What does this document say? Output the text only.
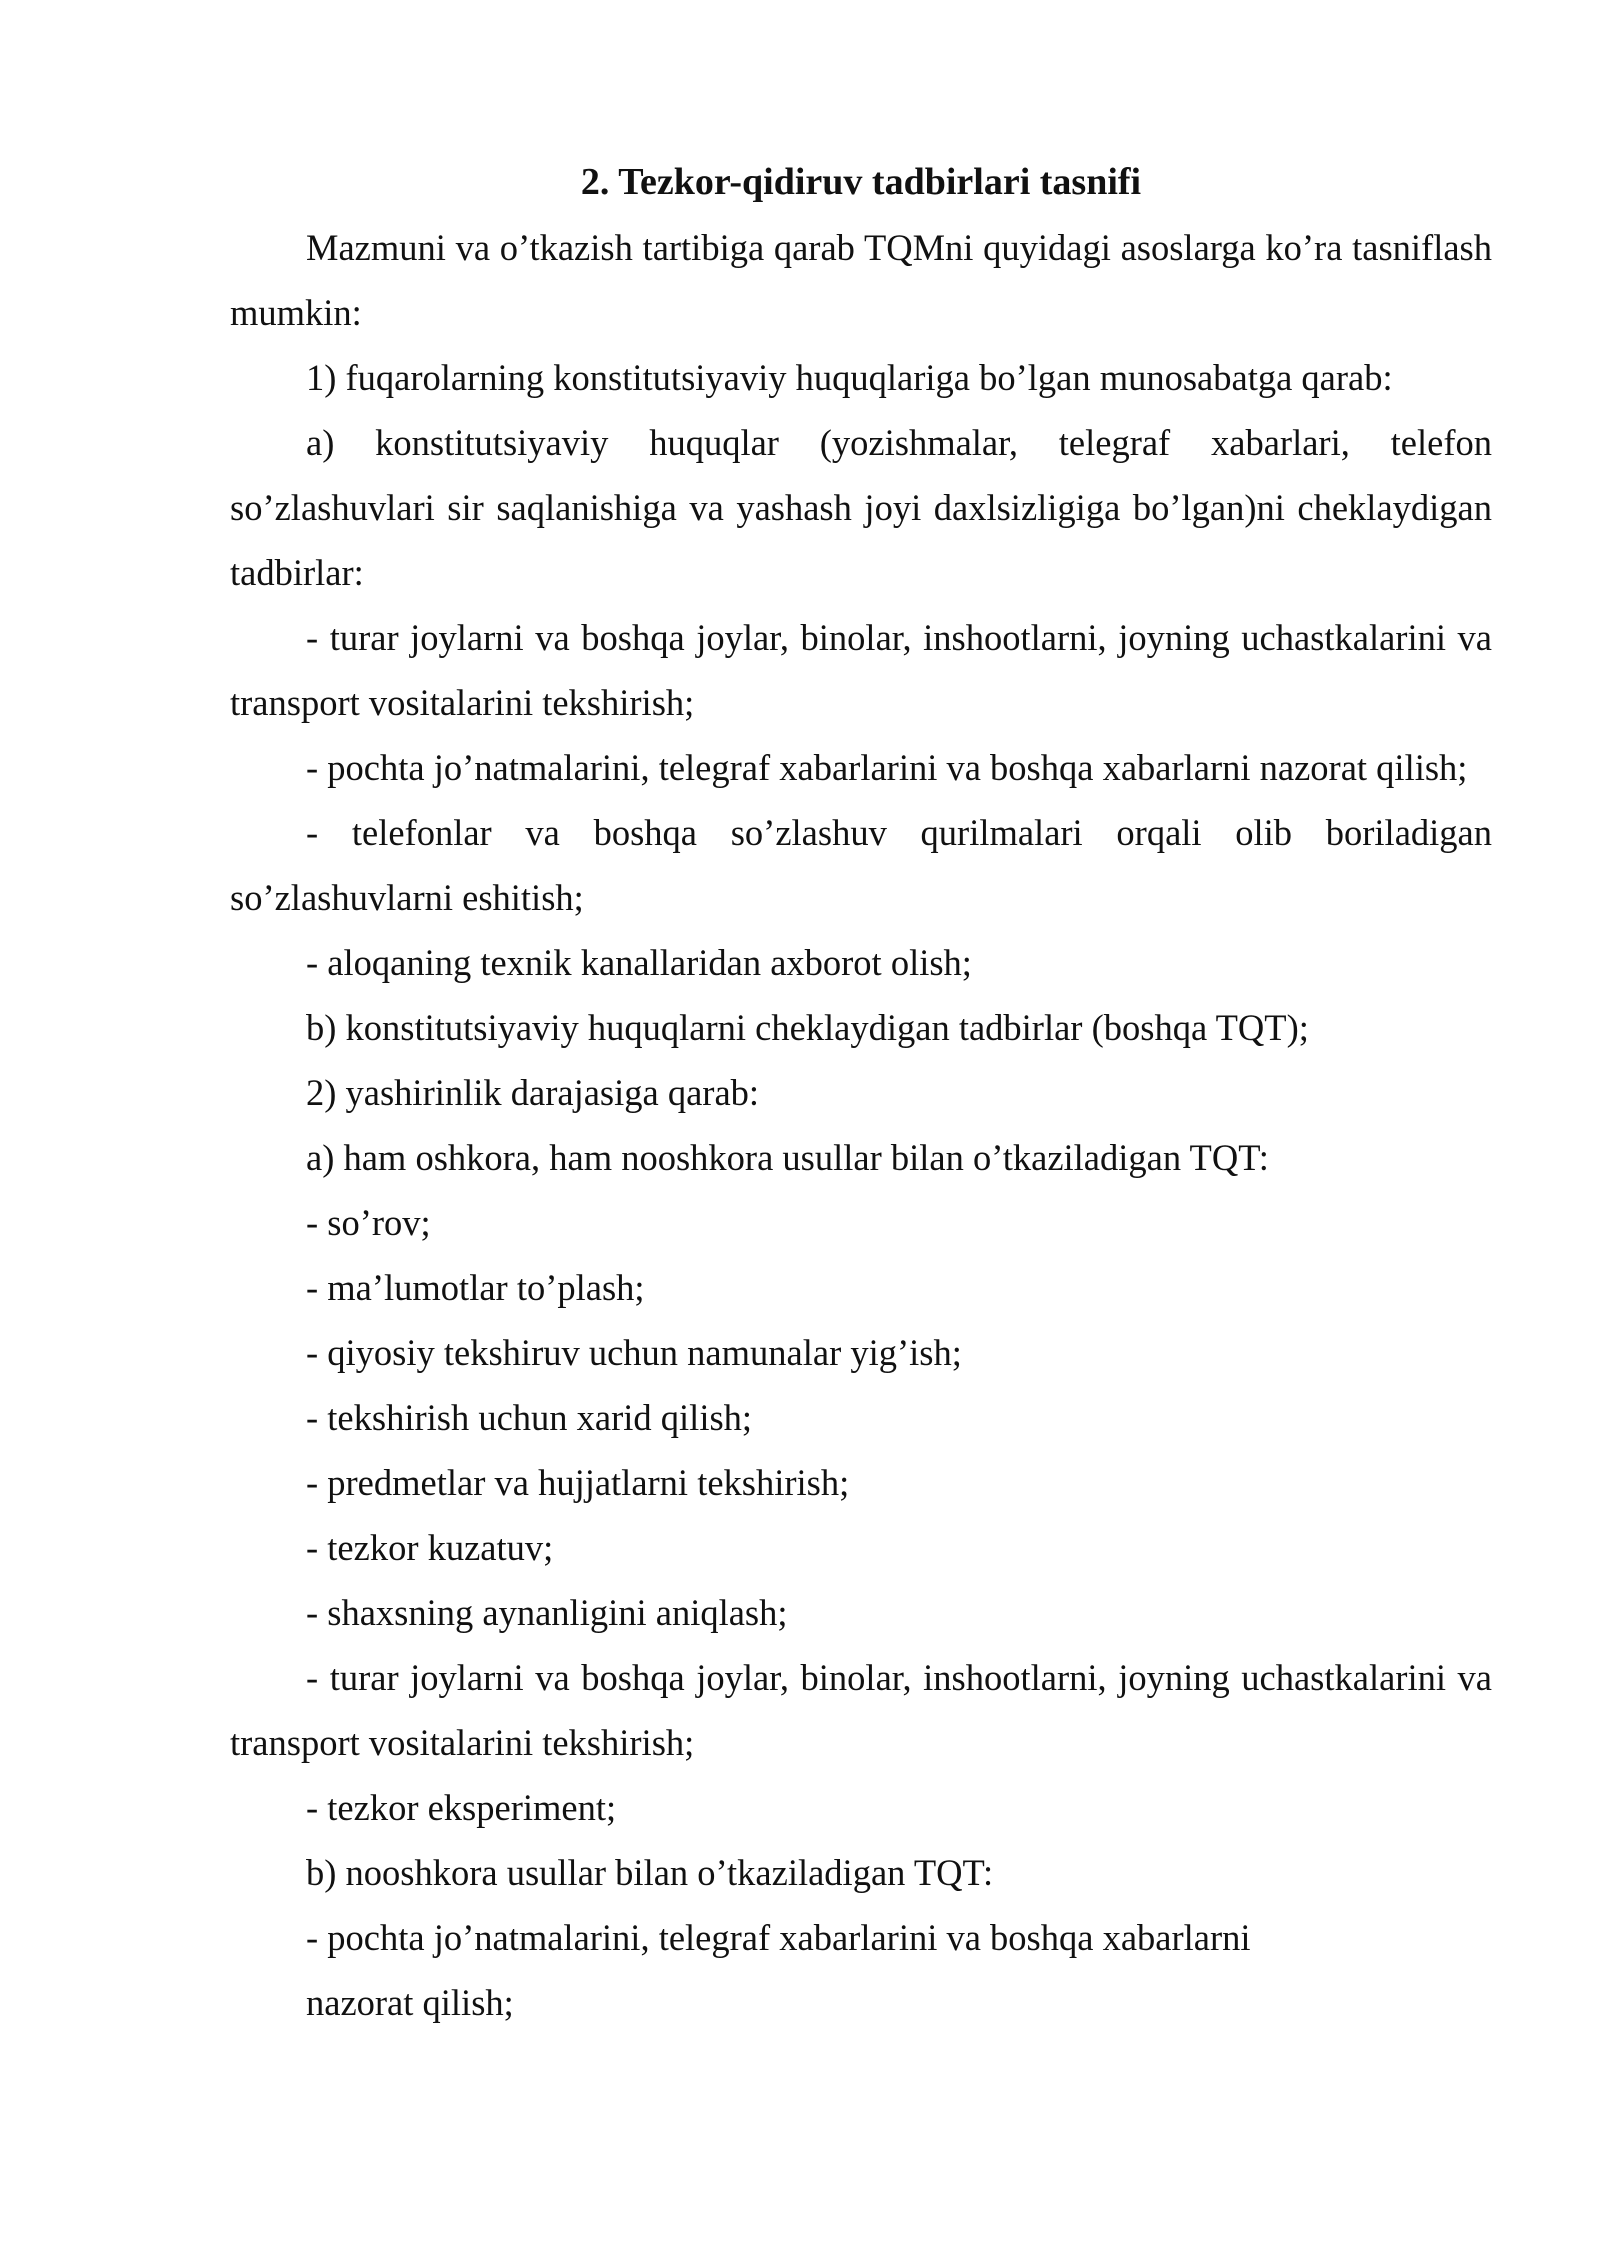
2. Tezkor-qidiruv tadbirlari tasnifi

Mazmuni va o’tkazish tartibiga qarab TQMni quyidagi asoslarga ko’ra tasniflash mumkin:

1) fuqarolarning konstitutsiyaviy huquqlariga bo’lgan munosabatga qarab:

a) konstitutsiyaviy huquqlar (yozishmalar, telegraf xabarlari, telefon so’zlashuvlari sir saqlanishiga va yashash joyi daxlsizligiga bo’lgan)ni cheklaydigan tadbirlar:

- turar joylarni va boshqa joylar, binolar, inshootlarni, joyning uchastkalarini va transport vositalarini tekshirish;

- pochta jo’natmalarini, telegraf xabarlarini va boshqa xabarlarni nazorat qilish;

- telefonlar va boshqa so’zlashuv qurilmalari orqali olib boriladigan so’zlashuvlarni eshitish;

- aloqaning texnik kanallaridan axborot olish;

b) konstitutsiyaviy huquqlarni cheklaydigan tadbirlar (boshqa TQT);

2) yashirinlik darajasiga qarab:

a) ham oshkora, ham nooshkora usullar bilan o’tkaziladigan TQT:

- so’rov;

- ma’lumotlar to’plash;

- qiyosiy tekshiruv uchun namunalar yig’ish;

- tekshirish uchun xarid qilish;

- predmetlar va hujjatlarni tekshirish;

- tezkor kuzatuv;

- shaxsning aynanligini aniqlash;

- turar joylarni va boshqa joylar, binolar, inshootlarni, joyning uchastkalarini va transport vositalarini tekshirish;

- tezkor eksperiment;

b) nooshkora usullar bilan o’tkaziladigan TQT:

- pochta jo’natmalarini, telegraf xabarlarini va boshqa xabarlarni

nazorat qilish;
